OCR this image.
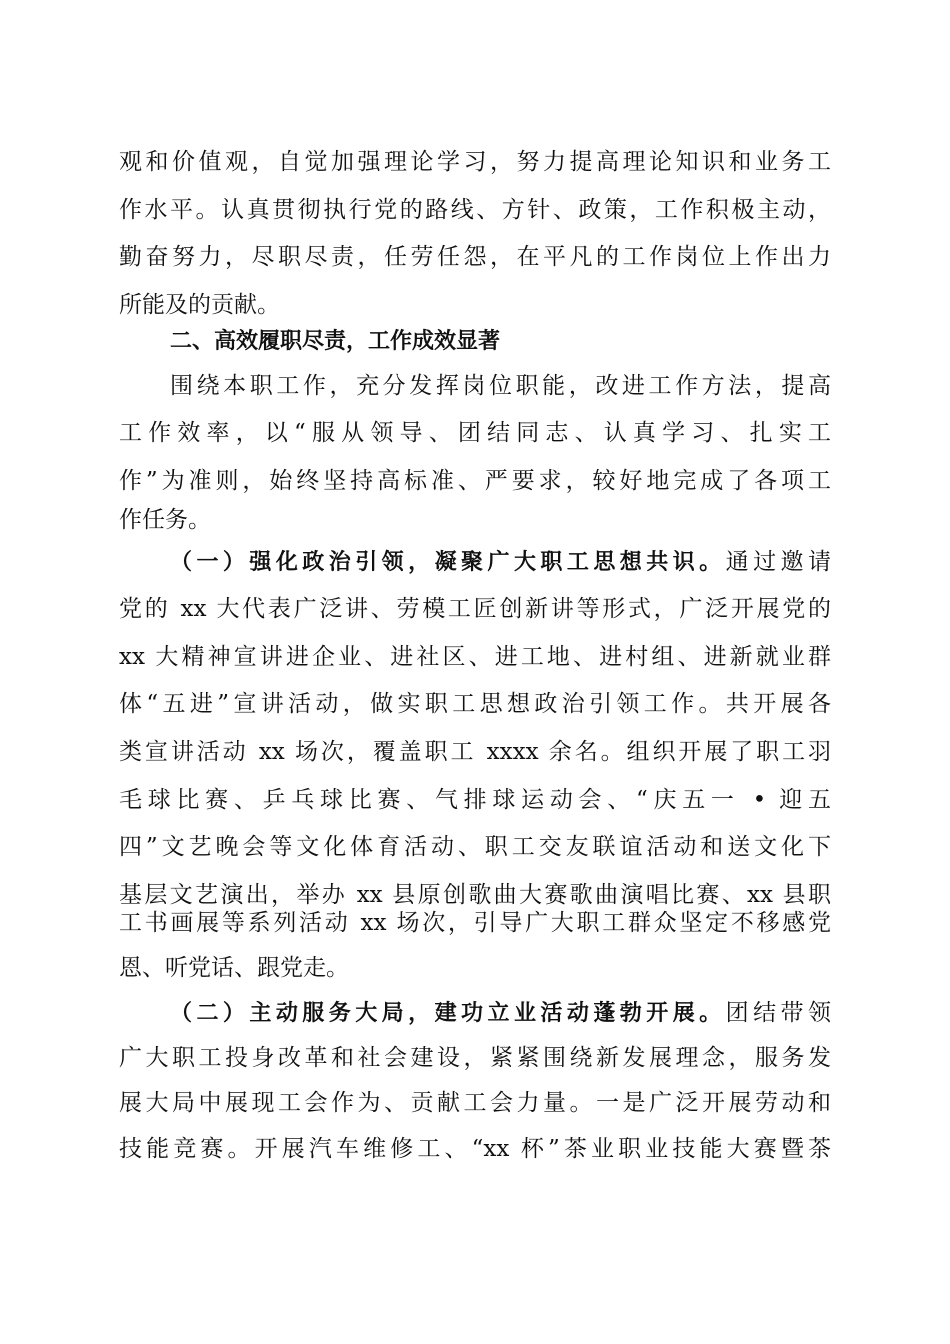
观和价值观，自觉加强理论学习，努力提高理论知识和业务工
作水平。认真贯彻执行党的路线、方针、政策，工作积极主动，
勤奋努力，尽职尽责，任劳任怨，在平凡的工作岗位上作出力
所能及的贡献。
二、高效履职尽责，工作成效显著
围绕本职工作，充分发挥岗位职能，改进工作方法，提高
工作效率，以“服从领导、团结同志、认真学习、扎实工
作”为准则，始终坚持高标准、严要求，较好地完成了各项工
作任务。
（一）强化政治引领，凝聚广大职工思想共识。通过邀请
党的 xx 大代表广泛讲、劳模工匠创新讲等形式，广泛开展党的
xx 大精神宣讲进企业、进社区、进工地、进村组、进新就业群
体“五进”宣讲活动，做实职工思想政治引领工作。共开展各
类宣讲活动 xx 场次，覆盖职工 xxxx 余名。组织开展了职工羽
毛球比赛、乒乓球比赛、气排球运动会、“庆五一 • 迎五
四”文艺晚会等文化体育活动、职工交友联谊活动和送文化下
基层文艺演出，举办 xx 县原创歌曲大赛歌曲演唱比赛、xx 县职
工书画展等系列活动 xx 场次，引导广大职工群众坚定不移感党
恩、听党话、跟党走。
（二）主动服务大局，建功立业活动蓬勃开展。团结带领
广大职工投身改革和社会建设，紧紧围绕新发展理念，服务发
展大局中展现工会作为、贡献工会力量。一是广泛开展劳动和
技能竞赛。开展汽车维修工、“xx 杯”茶业职业技能大赛暨茶
